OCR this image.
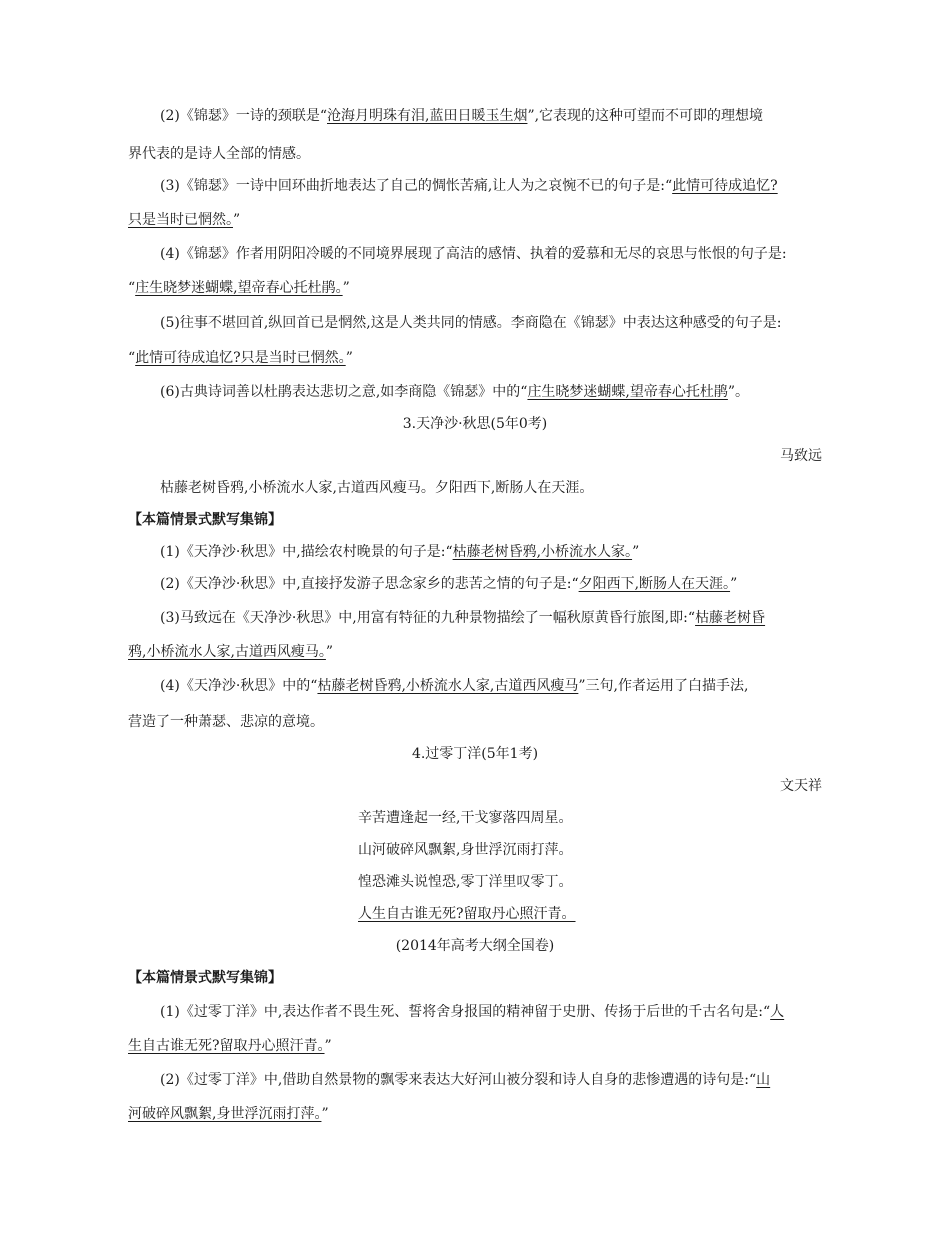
(2)《锦瑟》一诗的颈联是“沧海月明珠有泪,蓝田日暖玉生烟”,它表现的这种可望而不可即的理想境
界代表的是诗人全部的情感。
(3)《锦瑟》一诗中回环曲折地表达了自己的惆怅苦痛,让人为之哀惋不已的句子是:“此情可待成追忆?
只是当时已惘然。”
(4)《锦瑟》作者用阴阳冷暖的不同境界展现了高洁的感情、执着的爱慕和无尽的哀思与怅恨的句子是:
“庄生晓梦迷蝴蝶,望帝春心托杜鹃。”
(5)往事不堪回首,纵回首已是惘然,这是人类共同的情感。李商隐在《锦瑟》中表达这种感受的句子是:
“此情可待成追忆?只是当时已惘然。”
(6)古典诗词善以杜鹃表达悲切之意,如李商隐《锦瑟》中的“庄生晓梦迷蝴蝶,望帝春心托杜鹃”。
3.天净沙·秋思(5年0考)
马致远
枯藤老树昏鸦,小桥流水人家,古道西风瘦马。夕阳西下,断肠人在天涯。
【本篇情景式默写集锦】
(1)《天净沙·秋思》中,描绘农村晚景的句子是:“枯藤老树昏鸦,小桥流水人家。”
(2)《天净沙·秋思》中,直接抒发游子思念家乡的悲苦之情的句子是:“夕阳西下,断肠人在天涯。”
(3)马致远在《天净沙·秋思》中,用富有特征的九种景物描绘了一幅秋原黄昏行旅图,即:“枯藤老树昏
鸦,小桥流水人家,古道西风瘦马。”
(4)《天净沙·秋思》中的“枯藤老树昏鸦,小桥流水人家,古道西风瘦马”三句,作者运用了白描手法,
营造了一种萧瑟、悲凉的意境。
4.过零丁洋(5年1考)
文天祥
辛苦遭逢起一经,干戈寥落四周星。
山河破碎风飘絮,身世浮沉雨打萍。
惶恐滩头说惶恐,零丁洋里叹零丁。
人生自古谁无死?留取丹心照汗青。
(2014年高考大纲全国卷)
【本篇情景式默写集锦】
(1)《过零丁洋》中,表达作者不畏生死、誓将舍身报国的精神留于史册、传扬于后世的千古名句是:“人
生自古谁无死?留取丹心照汗青。”
(2)《过零丁洋》中,借助自然景物的飘零来表达大好河山被分裂和诗人自身的悲惨遭遇的诗句是:“山
河破碎风飘絮,身世浮沉雨打萍。”
